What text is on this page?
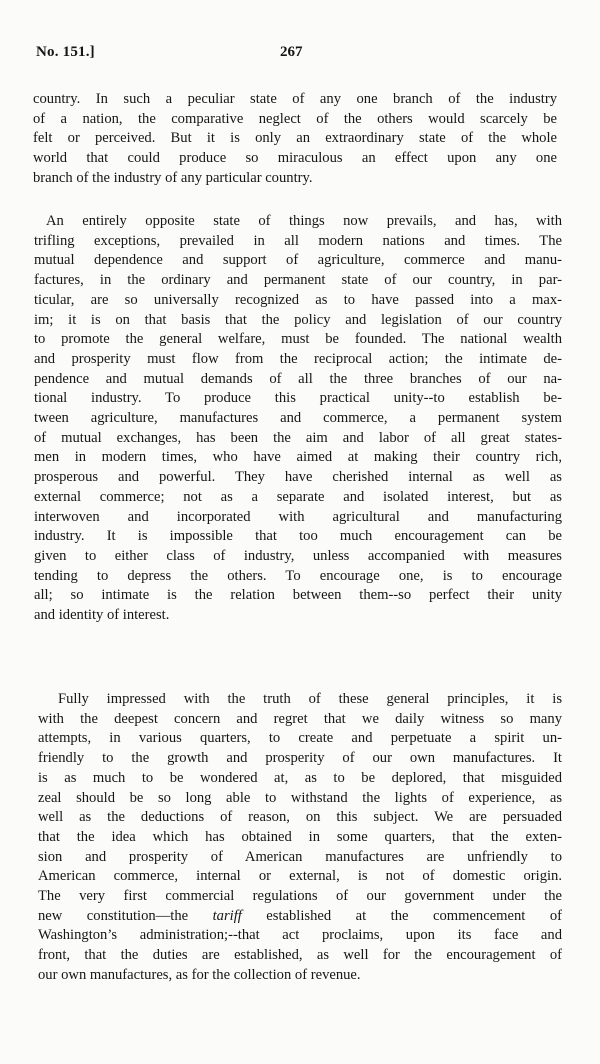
No. 151.]	267

country. In such a peculiar state of any one branch of the industry
of a nation, the comparative neglect of the others would scarcely be
felt or perceived. But it is only an extraordinary state of the whole
world that could produce so miraculous an effect upon any one
branch of the industry of any particular country.

An entirely opposite state of things now prevails, and has, with
trifling exceptions, prevailed in all modern nations and times. The
mutual dependence and support of agriculture, commerce and manu-
factures, in the ordinary and permanent state of our country, in par-
ticular, are so universally recognized as to have passed into a max-
im; it is on that basis that the policy and legislation of our country
to promote the general welfare, must be founded. The national wealth
and prosperity must flow from the reciprocal action; the intimate de-
pendence and mutual demands of all the three branches of our na-
tional industry. To produce this practical unity--to establish be-
tween agriculture, manufactures and commerce, a permanent system
of mutual exchanges, has been the aim and labor of all great states-
men in modern times, who have aimed at making their country rich,
prosperous and powerful. They have cherished internal as well as
external commerce; not as a separate and isolated interest, but as
interwoven and incorporated with agricultural and manufacturing
industry. It is impossible that too much encouragement can be
given to either class of industry, unless accompanied with measures
tending to depress the others. To encourage one, is to encourage
all; so intimate is the relation between them--so perfect their unity
and identity of interest.

Fully impressed with the truth of these general principles, it is
with the deepest concern and regret that we daily witness so many
attempts, in various quarters, to create and perpetuate a spirit un-
friendly to the growth and prosperity of our own manufactures. It
is as much to be wondered at, as to be deplored, that misguided
zeal should be so long able to withstand the lights of experience, as
well as the deductions of reason, on this subject. We are persuaded
that the idea which has obtained in some quarters, that the exten-
sion and prosperity of American manufactures are unfriendly to
American commerce, internal or external, is not of domestic origin.
The very first commercial regulations of our government under the
new constitution—the tariff established at the commencement of
Washington’s administration;--that act proclaims, upon its face and
front, that the duties are established, as well for the encouragement of
our own manufactures, as for the collection of revenue.
